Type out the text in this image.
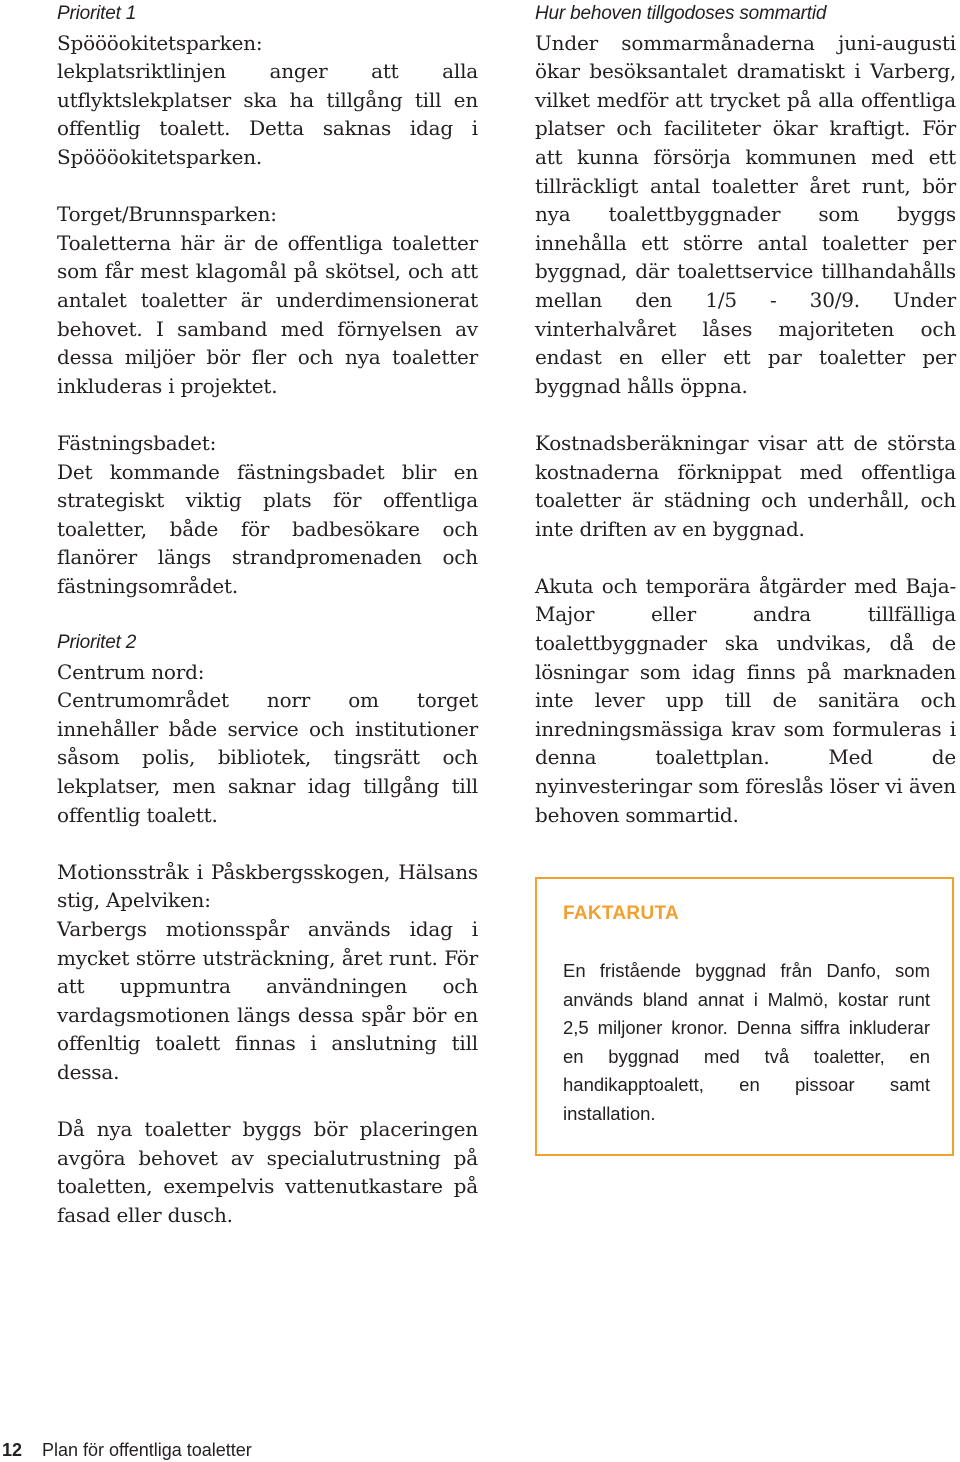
Prioritet 1
Spöööokitetsparken:
lekplatsriktlinjen anger att alla utflyktslekplatser ska ha tillgång till en offentlig toalett. Detta saknas idag i Spöööokitetsparken.

Torget/Brunnsparken:
Toaletterna här är de offentliga toaletter som får mest klagomål på skötsel, och att antalet toaletter är underdimensionerat behovet. I samband med förnyelsen av dessa miljöer bör fler och nya toaletter inkluderas i projektet.

Fästningsbadet:
Det kommande fästningsbadet blir en strategiskt viktig plats för offentliga toaletter, både för badbesökare och flanörer längs strandpromenaden och fästningsområdet.

Prioritet 2
Centrum nord:
Centrumområdet norr om torget innehåller både service och institutioner såsom polis, bibliotek, tingsrätt och lekplatser, men saknar idag tillgång till offentlig toalett.

Motionsstråk i Påskbergsskogen, Hälsans stig, Apelviken:
Varbergs motionsspår används idag i mycket större utsträckning, året runt. För att uppmuntra användningen och vardagsmotionen längs dessa spår bör en offenltig toalett finnas i anslutning till dessa.

Då nya toaletter byggs bör placeringen avgöra behovet av specialutrustning på toaletten, exempelvis vattenutkastare på fasad eller dusch.

Hur behoven tillgodoses sommartid
Under sommarmånaderna juni-augusti ökar besöksantalet dramatiskt i Varberg, vilket medför att trycket på alla offentliga platser och faciliteter ökar kraftigt. För att kunna försörja kommunen med ett tillräckligt antal toaletter året runt, bör nya toalettbyggnader som byggs innehålla ett större antal toaletter per byggnad, där toalettservice tillhandahålls mellan den 1/5 - 30/9. Under vinterhalvåret låses majoriteten och endast en eller ett par toaletter per byggnad hålls öppna.

Kostnadsberäkningar visar att de största kostnaderna förknippat med offentliga toaletter är städning och underhåll, och inte driften av en byggnad.

Akuta och temporära åtgärder med Baja-Major eller andra tillfälliga toalettbyggnader ska undvikas, då de lösningar som idag finns på marknaden inte lever upp till de sanitära och inredningsmässiga krav som formuleras i denna toalettplan. Med de nyinvesteringar som föreslås löser vi även behoven sommartid.

FAKTARUTA

En fristående byggnad från Danfo, som används bland annat i Malmö, kostar runt 2,5 miljoner kronor. Denna siffra inkluderar en byggnad med två toaletter, en handikapptoalett, en pissoar samt installation.

12	Plan för offentliga toaletter
